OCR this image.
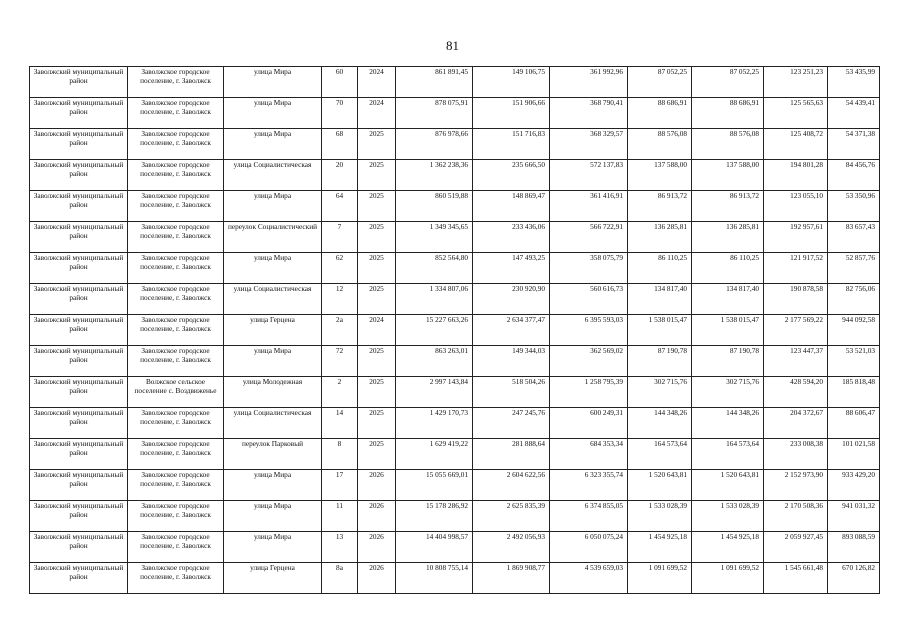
81
Заволжский муниципальный район	Заволжское городское поселение, г. Заволжск	улица Мира	60	2024	861 891,45	149 106,75	361 992,96	87 052,25	87 052,25	123 251,23	53 435,99
Заволжский муниципальный район	Заволжское городское поселение, г. Заволжск	улица Мира	70	2024	878 075,91	151 906,66	368 790,41	88 686,91	88 686,91	125 565,63	54 439,41
Заволжский муниципальный район	Заволжское городское поселение, г. Заволжск	улица Мира	68	2025	876 978,66	151 716,83	368 329,57	88 576,08	88 576,08	125 408,72	54 371,38
Заволжский муниципальный район	Заволжское городское поселение, г. Заволжск	улица Социалистическая	20	2025	1 362 238,36	235 666,50	572 137,83	137 588,00	137 588,00	194 801,28	84 456,76
Заволжский муниципальный район	Заволжское городское поселение, г. Заволжск	улица Мира	64	2025	860 519,88	148 869,47	361 416,91	86 913,72	86 913,72	123 055,10	53 350,96
Заволжский муниципальный район	Заволжское городское поселение, г. Заволжск	переулок Социалистический	7	2025	1 349 345,65	233 436,06	566 722,91	136 285,81	136 285,81	192 957,61	83 657,43
Заволжский муниципальный район	Заволжское городское поселение, г. Заволжск	улица Мира	62	2025	852 564,80	147 493,25	358 075,79	86 110,25	86 110,25	121 917,52	52 857,76
Заволжский муниципальный район	Заволжское городское поселение, г. Заволжск	улица Социалистическая	12	2025	1 334 807,06	230 920,90	560 616,73	134 817,40	134 817,40	190 878,58	82 756,06
Заволжский муниципальный район	Заволжское городское поселение, г. Заволжск	улица Герцена	2а	2024	15 227 663,26	2 634 377,47	6 395 593,03	1 538 015,47	1 538 015,47	2 177 569,22	944 092,58
Заволжский муниципальный район	Заволжское городское поселение, г. Заволжск	улица Мира	72	2025	863 263,01	149 344,03	362 569,02	87 190,78	87 190,78	123 447,37	53 521,03
Заволжский муниципальный район	Волжское сельское поселение с. Воздвиженье	улица Молодежная	2	2025	2 997 143,84	518 504,26	1 258 795,39	302 715,76	302 715,76	428 594,20	185 818,48
Заволжский муниципальный район	Заволжское городское поселение, г. Заволжск	улица Социалистическая	14	2025	1 429 170,73	247 245,76	600 249,31	144 348,26	144 348,26	204 372,67	88 606,47
Заволжский муниципальный район	Заволжское городское поселение, г. Заволжск	переулок Парковый	8	2025	1 629 419,22	281 888,64	684 353,34	164 573,64	164 573,64	233 008,38	101 021,58
Заволжский муниципальный район	Заволжское городское поселение, г. Заволжск	улица Мира	17	2026	15 055 669,01	2 604 622,56	6 323 355,74	1 520 643,81	1 520 643,81	2 152 973,90	933 429,20
Заволжский муниципальный район	Заволжское городское поселение, г. Заволжск	улица Мира	11	2026	15 178 286,92	2 625 835,39	6 374 855,05	1 533 028,39	1 533 028,39	2 170 508,36	941 031,32
Заволжский муниципальный район	Заволжское городское поселение, г. Заволжск	улица Мира	13	2026	14 404 998,57	2 492 056,93	6 050 075,24	1 454 925,18	1 454 925,18	2 059 927,45	893 088,59
Заволжский муниципальный район	Заволжское городское поселение, г. Заволжск	улица Герцена	8а	2026	10 808 755,14	1 869 908,77	4 539 659,03	1 091 699,52	1 091 699,52	1 545 661,48	670 126,82
